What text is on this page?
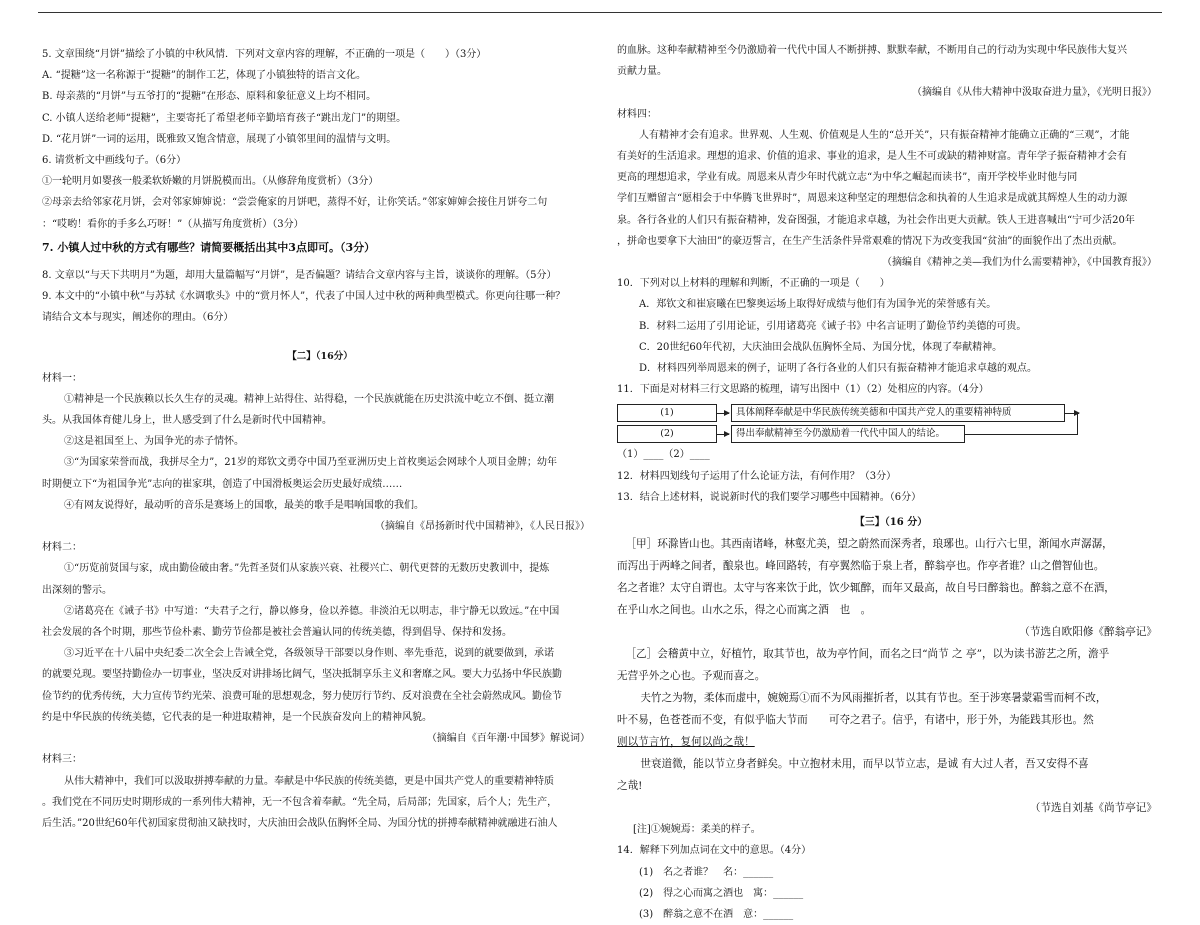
5. 文章围绕“月饼”描绘了小镇的中秋风情．下列对文章内容的理解，不正确的一项是（　　）（3分）

A. “提糖”这一名称源于“提糖”的制作工艺，体现了小镇独特的语言文化。

B. 母亲蒸的“月饼”与五爷打的“提糖”在形态、原料和象征意义上均不相同。

C. 小镇人送给老师“提糖”，主要寄托了希望老师辛勤培育孩子“跳出龙门”的期望。

D. “花月饼”一词的运用，既雅致又饱含情意，展现了小镇邻里间的温情与文明。

6. 请赏析文中画线句子。（6分）

①一轮明月如婴孩一般柔软娇嫩的月饼脱模而出。（从修辞角度赏析）（3分）

②母亲去给邻家花月饼，会对邻家婶婶说：“尝尝俺家的月饼吧，蒸得不好，让你笑话。”邻家婶婶会接住月饼夸二句

：“哎哟！看你的手多么巧呀！”（从描写角度赏析）（3分）

7. 小镇人过中秋的方式有哪些？请简要概括出其中3点即可。（3分）

8. 文章以“与天下共明月”为题，却用大量篇幅写“月饼”，是否偏题？请结合文章内容与主旨，谈谈你的理解。（5分）

9. 本文中的“小镇中秋”与苏轼《水调歌头》中的“赏月怀人”，代表了中国人过中秋的两种典型模式。你更向往哪一种？

请结合文本与现实，阐述你的理由。（6分）

【二】（16分）

材料一：

①精神是一个民族赖以长久生存的灵魂。精神上站得住、站得稳，一个民族就能在历史洪流中屹立不倒、挺立潮

头。从我国体育健儿身上，世人感受到了什么是新时代中国精神。

②这是祖国至上、为国争光的赤子情怀。

③“为国家荣誉而战，我拼尽全力”，21岁的郑钦文勇夺中国乃至亚洲历史上首枚奥运会网球个人项目金牌；幼年

时期便立下“为祖国争光”志向的崔家琪，创造了中国滑板奥运会历史最好成绩……

④有网友说得好，最动听的音乐是赛场上的国歌，最美的歌手是唱响国歌的我们。

（摘编自《昂扬新时代中国精神》，《人民日报》）

材料二：

①“历览前贤国与家，成由勤俭破由奢。”先哲圣贤们从家族兴衰、社稷兴亡、朝代更替的无数历史教训中，提炼

出深刻的警示。

②诸葛亮在《诫子书》中写道：“夫君子之行，静以修身，俭以养德。非淡泊无以明志，非宁静无以致远。”在中国

社会发展的各个时期，那些节俭朴素、勤劳节俭都是被社会普遍认同的传统美德，得到倡导、保持和发扬。

③习近平在十八届中央纪委二次全会上告诫全党，各级领导干部要以身作则、率先垂范，说到的就要做到，承诺

的就要兑现。要坚持勤俭办一切事业，坚决反对讲排场比阔气，坚决抵制享乐主义和奢靡之风。要大力弘扬中华民族勤

俭节约的优秀传统，大力宣传节约光荣、浪费可耻的思想观念，努力使厉行节约、反对浪费在全社会蔚然成风。勤俭节

约是中华民族的传统美德，它代表的是一种进取精神，是一个民族奋发向上的精神风貌。

（摘编自《百年潮·中国梦》解说词）

材料三：

从伟大精神中，我们可以汲取拼搏奉献的力量。奉献是中华民族的传统美德，更是中国共产党人的重要精神特质

。我们党在不同历史时期形成的一系列伟大精神，无一不包含着奉献。“先全局，后局部；先国家，后个人；先生产，

后生活。”20世纪60年代初国家贯彻油又缺找时，大庆油田会战队伍胸怀全局、为国分忧的拼搏奉献精神就融进石油人

的血脉。这种奉献精神至今仍激励着一代代中国人不断拼搏、默默奉献，不断用自己的行动为实现中华民族伟大复兴

贡献力量。

（摘编自《从伟大精神中汲取奋进力量》，《光明日报》）

材料四：

人有精神才会有追求。世界观、人生观、价值观是人生的“总开关”，只有振奋精神才能确立正确的“三观”，才能

有美好的生活追求。理想的追求、价值的追求、事业的追求，是人生不可或缺的精神财富。青年学子振奋精神才会有

更高的理想追求，学业有成。周恩来从青少年时代就立志“为中华之崛起而读书”，南开学校毕业时他与同

学们互赠留言“愿相会于中华腾飞世界时”，周恩来这种坚定的理想信念和执着的人生追求是成就其辉煌人生的动力源

泉。各行各业的人们只有振奋精神，发奋图强，才能追求卓越，为社会作出更大贡献。铁人王进喜喊出“宁可少活20年

，拼命也要拿下大油田”的豪迈誓言，在生产生活条件异常艰难的情况下为改变我国“贫油”的面貌作出了杰出贡献。

（摘编自《精神之美—我们为什么需要精神》，《中国教育报》）

10．下列对以上材料的理解和判断，不正确的一项是（　　）

A．郑钦文和崔宸曦在巴黎奥运场上取得好成绩与他们有为国争光的荣誉感有关。

B．材料二运用了引用论证，引用诸葛亮《诫子书》中名言证明了勤俭节约美德的可贵。

C．20世纪60年代初，大庆油田会战队伍胸怀全局、为国分忧，体现了奉献精神。

D．材料四列举周恩来的例子，证明了各行各业的人们只有振奋精神才能追求卓越的观点。

11．下面是对材料三行文思路的梳理，请写出图中（1）（2）处相应的内容。（4分）

(1)	具体阐释奉献是中华民族传统美德和中国共产党人的重要精神特质
(2)	得出奉献精神至今仍激励着一代代中国人的结论。

（1）____（2）____

12．材料四划线句子运用了什么论证方法，有何作用？（3分）

13．结合上述材料，说说新时代的我们要学习哪些中国精神。（6分）

【三】（16 分）

［甲］环滁皆山也。其西南诸峰，林壑尤美，望之蔚然而深秀者，琅琊也。山行六七里，渐闻水声潺潺，

而泻出于两峰之间者，酿泉也。峰回路转，有亭翼然临于泉上者，醉翁亭也。作亭者谁？山之僧智仙也。

名之者谁？太守自谓也。太守与客来饮于此，饮少辄醉，而年又最高，故自号曰醉翁也。醉翁之意不在酒，

在乎山水之间也。山水之乐，得之心而寓之酒　也　。

（节选自欧阳修《醉翁亭记》

［乙］会稽黄中立，好植竹，取其节也，故为亭竹间，而名之曰“尚节 之 亭”，以为读书游艺之所，澹乎

无营乎外之心也。予观而喜之。

夫竹之为物，柔体而虚中，婉婉焉①而不为风雨摧折者，以其有节也。至于涉寒暑蒙霜雪而柯不改，

叶不易，色苍苍而不变，有似乎临大节而　　可夺之君子。信乎，有诸中，形于外，为能践其形也。然

则以节言竹，复何以尚之哉！

世衰道微，能以节立身者鲜矣。中立抱材未用，而早以节立志，是诚 有大过人者，吾又安得不喜

之哉!

（节选自刘基《尚节亭记》

[注]①婉婉焉：柔美的样子。

14．解释下列加点词在文中的意思。（4分）

(1)　名之者谁？　名：______

(2)　得之心而寓之酒也　寓：______

(3)　醉翁之意不在酒　意：______
